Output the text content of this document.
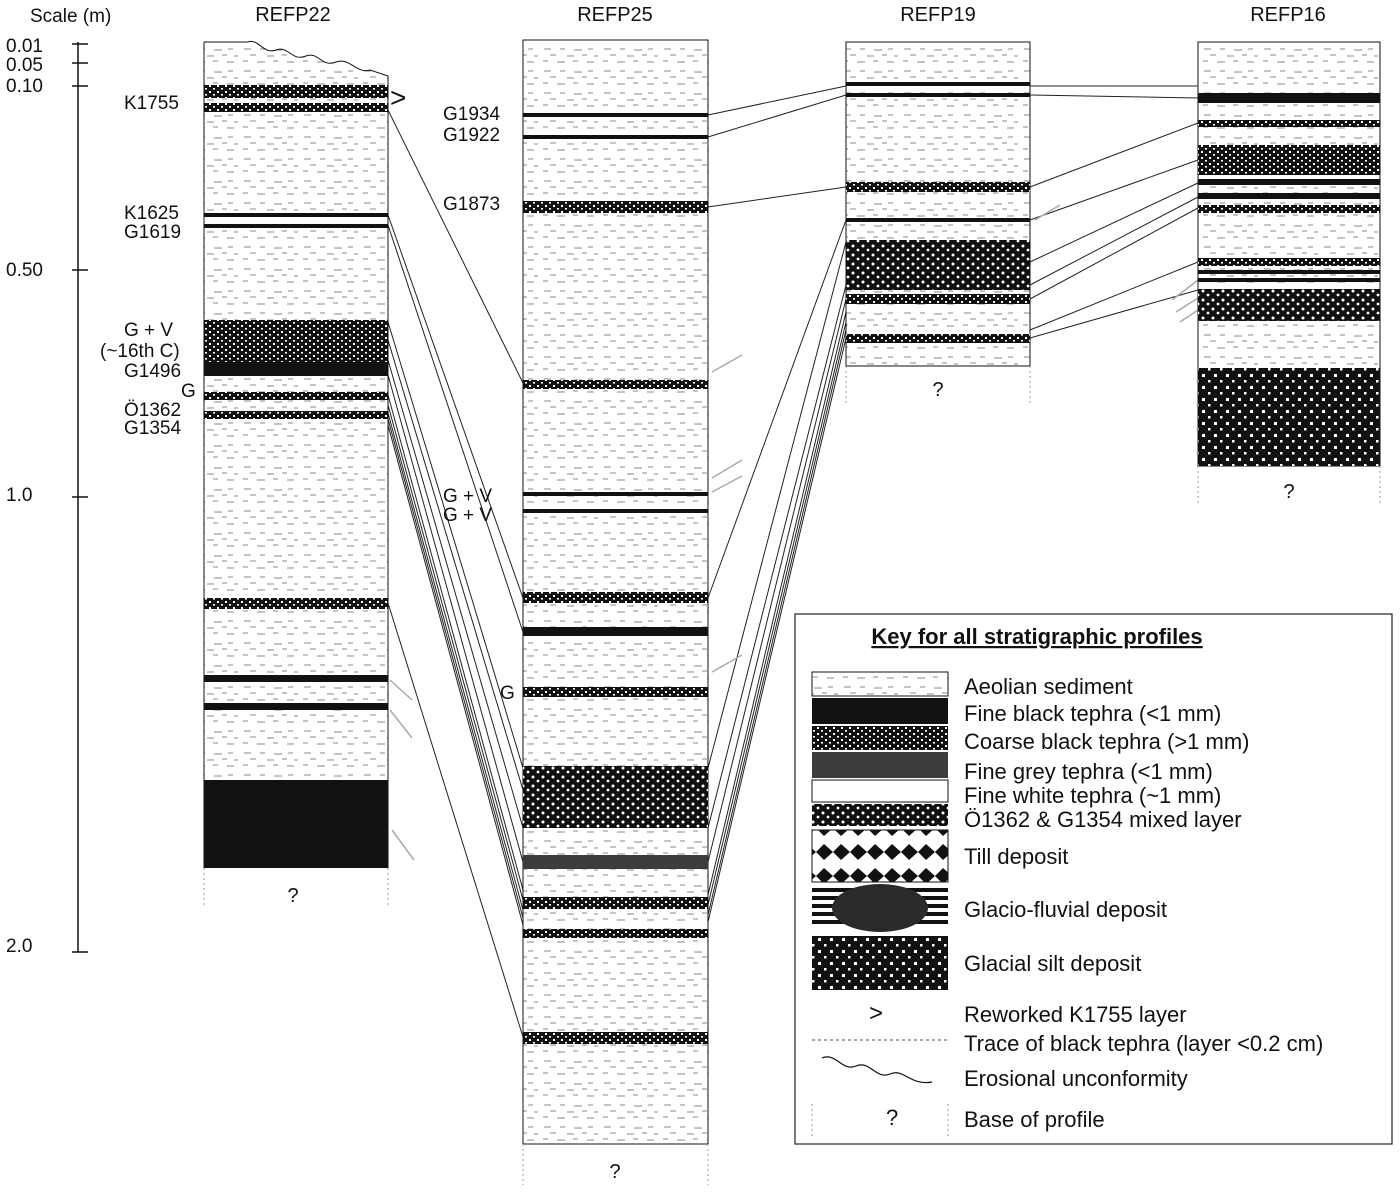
Scale (m)
0.01
0.05
0.10
0.50
1.0
2.0
REFP22
?
>
K1755
K1625
G1619
G + V
(~16th C)
G1496
G
Ö1362
G1354
REFP25
?
G1934
G1922
G1873
G + V
G + V
G
REFP19
?
REFP16
?
Key for all stratigraphic profiles
Aeolian sediment
Fine black tephra (<1 mm)
Coarse black tephra (>1 mm)
Fine grey tephra (<1 mm)
Fine white tephra (~1 mm)
Ö1362 & G1354 mixed layer
Till deposit
Glacio-fluvial deposit
Glacial silt deposit
>	Reworked K1755 layer
Trace of black tephra (layer <0.2 cm)
Erosional unconformity
?	Base of profile
